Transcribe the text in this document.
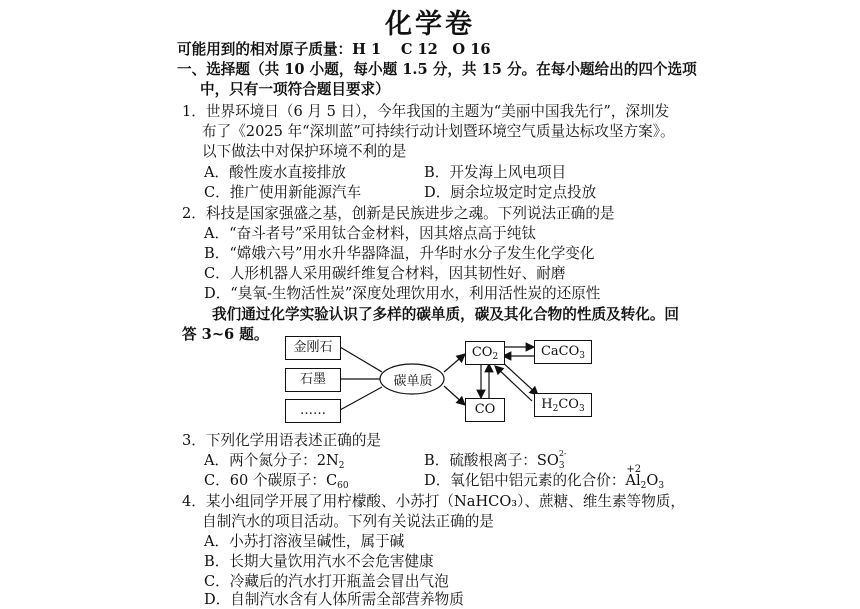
化学卷
可能用到的相对原子质量：H 1　 C 12　O 16
一、选择题（共 10 小题，每小题 1.5 分，共 15 分。在每小题给出的四个选项
中，只有一项符合题目要求）
1．世界环境日（6 月 5 日），今年我国的主题为“美丽中国我先行”，深圳发
布了《2025 年“深圳蓝”可持续行动计划暨环境空气质量达标攻坚方案》。
以下做法中对保护环境不利的是
A．酸性废水直接排放	B．开发海上风电项目
C．推广使用新能源汽车	D．厨余垃圾定时定点投放
2．科技是国家强盛之基，创新是民族进步之魂。下列说法正确的是
A．“奋斗者号”采用钛合金材料，因其熔点高于纯钛
B．“嫦娥六号”用水升华器降温，升华时水分子发生化学变化
C．人形机器人采用碳纤维复合材料，因其韧性好、耐磨
D．“臭氧-生物活性炭”深度处理饮用水，利用活性炭的还原性
我们通过化学实验认识了多样的碳单质，碳及其化合物的性质及转化。回
答 3~6 题。
金刚石
石墨
……
碳单质
$CO_2$
CO
CaCO$_3$
$H_2CO_3$
3．下列化学用语表述正确的是
A．两个氮分子：$2N_2$	B．硫酸根离子：SO 2-
$_3$
C．60 个碳原子：$C_{60}$	D．氧化铝中铝元素的化合价：
+2
$Al_2O_3$
4．某小组同学开展了用柠檬酸、小苏打（NaHCO₃）、蔗糖、维生素等物质，
自制汽水的项目活动。下列有关说法正确的是
A．小苏打溶液呈碱性，属于碱
B．长期大量饮用汽水不会危害健康
C．冷藏后的汽水打开瓶盖会冒出气泡
D．自制汽水含有人体所需全部营养物质
